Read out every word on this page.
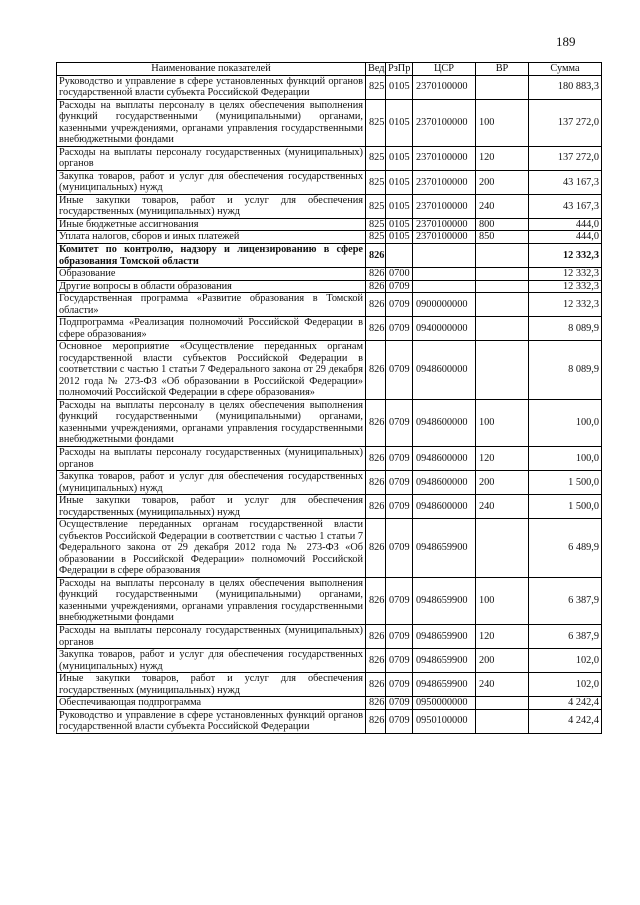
189
Наименование показателей	Вед	РзПр	ЦСР	ВР	Сумма
Руководство и управление в сфере установленных функций органов государственной власти субъекта Российской Федерации	825	0105	2370100000		180 883,3
Расходы на выплаты персоналу в целях обеспечения выполнения функций государственными (муниципальными) органами, казенными учреждениями, органами управления государственными внебюджетными фондами	825	0105	2370100000	100	137 272,0
Расходы на выплаты персоналу государственных (муниципальных) органов	825	0105	2370100000	120	137 272,0
Закупка товаров, работ и услуг для обеспечения государственных (муниципальных) нужд	825	0105	2370100000	200	43 167,3
Иные закупки товаров, работ и услуг для обеспечения государственных (муниципальных) нужд	825	0105	2370100000	240	43 167,3
Иные бюджетные ассигнования	825	0105	2370100000	800	444,0
Уплата налогов, сборов и иных платежей	825	0105	2370100000	850	444,0
Комитет по контролю, надзору и лицензированию в сфере образования Томской области	826				12 332,3
Образование	826	0700			12 332,3
Другие вопросы в области образования	826	0709			12 332,3
Государственная программа «Развитие образования в Томской области»	826	0709	0900000000		12 332,3
Подпрограмма «Реализация полномочий Российской Федерации в сфере образования»	826	0709	0940000000		8 089,9
Основное мероприятие «Осуществление переданных органам государственной власти субъектов Российской Федерации в соответствии с частью 1 статьи 7 Федерального закона от 29 декабря 2012 года № 273-ФЗ «Об образовании в Российской Федерации» полномочий Российской Федерации в сфере образования»	826	0709	0948600000		8 089,9
Расходы на выплаты персоналу в целях обеспечения выполнения функций государственными (муниципальными) органами, казенными учреждениями, органами управления государственными внебюджетными фондами	826	0709	0948600000	100	100,0
Расходы на выплаты персоналу государственных (муниципальных) органов	826	0709	0948600000	120	100,0
Закупка товаров, работ и услуг для обеспечения государственных (муниципальных) нужд	826	0709	0948600000	200	1 500,0
Иные закупки товаров, работ и услуг для обеспечения государственных (муниципальных) нужд	826	0709	0948600000	240	1 500,0
Осуществление переданных органам государственной власти субъектов Российской Федерации в соответствии с частью 1 статьи 7 Федерального закона от 29 декабря 2012 года № 273-ФЗ «Об образовании в Российской Федерации» полномочий Российской Федерации в сфере образования	826	0709	0948659900		6 489,9
Расходы на выплаты персоналу в целях обеспечения выполнения функций государственными (муниципальными) органами, казенными учреждениями, органами управления государственными внебюджетными фондами	826	0709	0948659900	100	6 387,9
Расходы на выплаты персоналу государственных (муниципальных) органов	826	0709	0948659900	120	6 387,9
Закупка товаров, работ и услуг для обеспечения государственных (муниципальных) нужд	826	0709	0948659900	200	102,0
Иные закупки товаров, работ и услуг для обеспечения государственных (муниципальных) нужд	826	0709	0948659900	240	102,0
Обеспечивающая подпрограмма	826	0709	0950000000		4 242,4
Руководство и управление в сфере установленных функций органов государственной власти субъекта Российской Федерации	826	0709	0950100000		4 242,4
